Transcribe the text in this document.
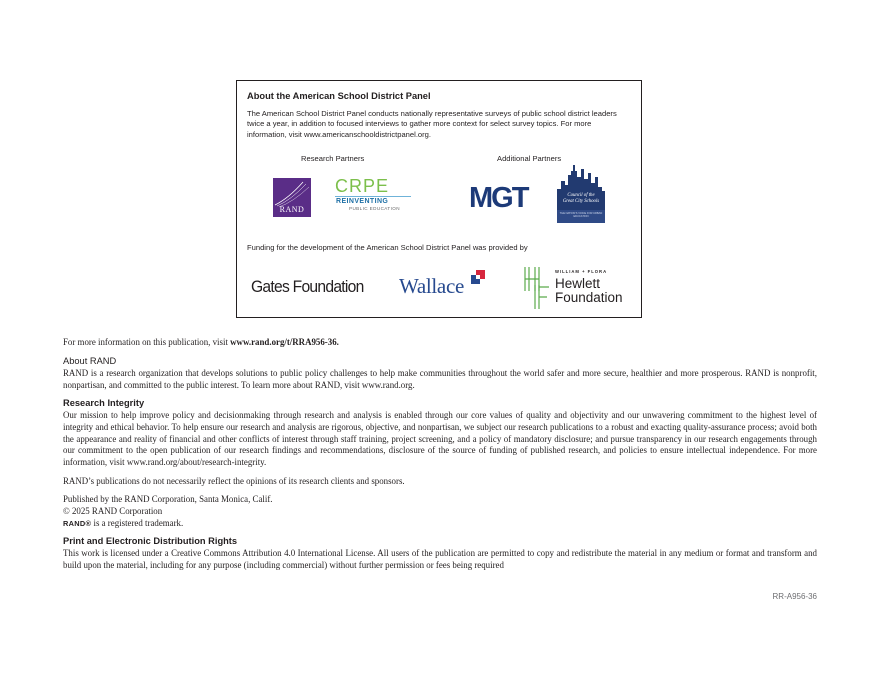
About the American School District Panel
The American School District Panel conducts nationally representative surveys of public school district leaders twice a year, in addition to focused interviews to gather more context for select survey topics. For more information, visit www.americanschooldistrictpanel.org.
Research Partners	Additional Partners
RAND
CRPE
REINVENTING
PUBLIC EDUCATION	MGT	Council of the
Great City Schools
THE NATION'S VOICE FOR URBAN EDUCATION
Funding for the development of the American School District Panel was provided by
Gates Foundation Wallace
WILLIAM + FLORA
Hewlett
Foundation
For more information on this publication, visit www.rand.org/t/RRA956-36.
About RAND
RAND is a research organization that develops solutions to public policy challenges to help make communities throughout the world safer and more secure, healthier and more prosperous. RAND is nonprofit, nonpartisan, and committed to the public interest. To learn more about RAND, visit www.rand.org.
Research Integrity
Our mission to help improve policy and decisionmaking through research and analysis is enabled through our core values of quality and objectivity and our unwavering commitment to the highest level of integrity and ethical behavior. To help ensure our research and analysis are rigorous, objective, and nonpartisan, we subject our research publications to a robust and exacting quality-assurance process; avoid both the appearance and reality of financial and other conflicts of interest through staff training, project screening, and a policy of mandatory disclosure; and pursue transparency in our research engagements through our commitment to the open publication of our research findings and recommendations, disclosure of the source of funding of published research, and policies to ensure intellectual independence. For more information, visit www.rand.org/about/research-integrity.
RAND’s publications do not necessarily reflect the opinions of its research clients and sponsors.
Published by the RAND Corporation, Santa Monica, Calif.
© 2025 RAND Corporation
RAND® is a registered trademark.
Print and Electronic Distribution Rights
This work is licensed under a Creative Commons Attribution 4.0 International License. All users of the publication are permitted to copy and redistribute the material in any medium or format and transform and build upon the material, including for any purpose (including commercial) without further permission or fees being required
RR-A956-36
